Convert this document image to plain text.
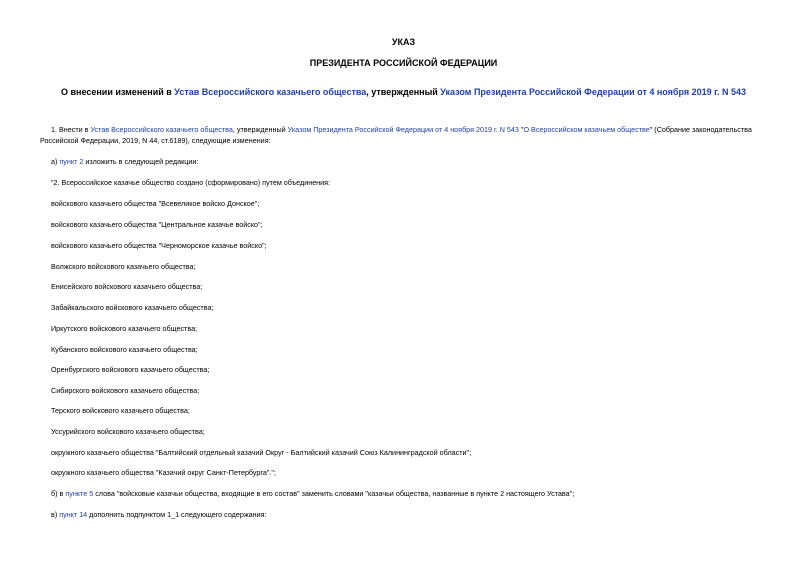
УКАЗ
ПРЕЗИДЕНТА РОССИЙСКОЙ ФЕДЕРАЦИИ
О внесении изменений в Устав Всероссийского казачьего общества, утвержденный Указом Президента Российской Федерации от 4 ноября 2019 г. N 543
1. Внести в Устав Всероссийского казачьего общества, утвержденный Указом Президента Российской Федерации от 4 ноября 2019 г. N 543 "О Всероссийском казачьем обществе" (Собрание законодательства Российской Федерации, 2019, N 44, ст.6189), следующие изменения:
а) пункт 2 изложить в следующей редакции:
"2. Всероссийское казачье общество создано (сформировано) путем объединения:
войскового казачьего общества "Всевеликое войско Донское";
войскового казачьего общества "Центральное казачье войско";
войскового казачьего общества "Черноморское казачье войско";
Волжского войскового казачьего общества;
Енисейского войскового казачьего общества;
Забайкальского войскового казачьего общества;
Иркутского войскового казачьего общества;
Кубанского войскового казачьего общества;
Оренбургского войскового казачьего общества;
Сибирского войскового казачьего общества;
Терского войскового казачьего общества;
Уссурийского войскового казачьего общества;
окружного казачьего общества "Балтийский отдельный казачий Округ - Балтийский казачий Союз Калининградской области";
окружного казачьего общества "Казачий округ Санкт-Петербурга".";
б) в пункте 5 слова "войсковые казачьи общества, входящие в его состав" заменить словами "казачьи общества, названные в пункте 2 настоящего Устава";
в) пункт 14 дополнить подпунктом 1_1 следующего содержания:
